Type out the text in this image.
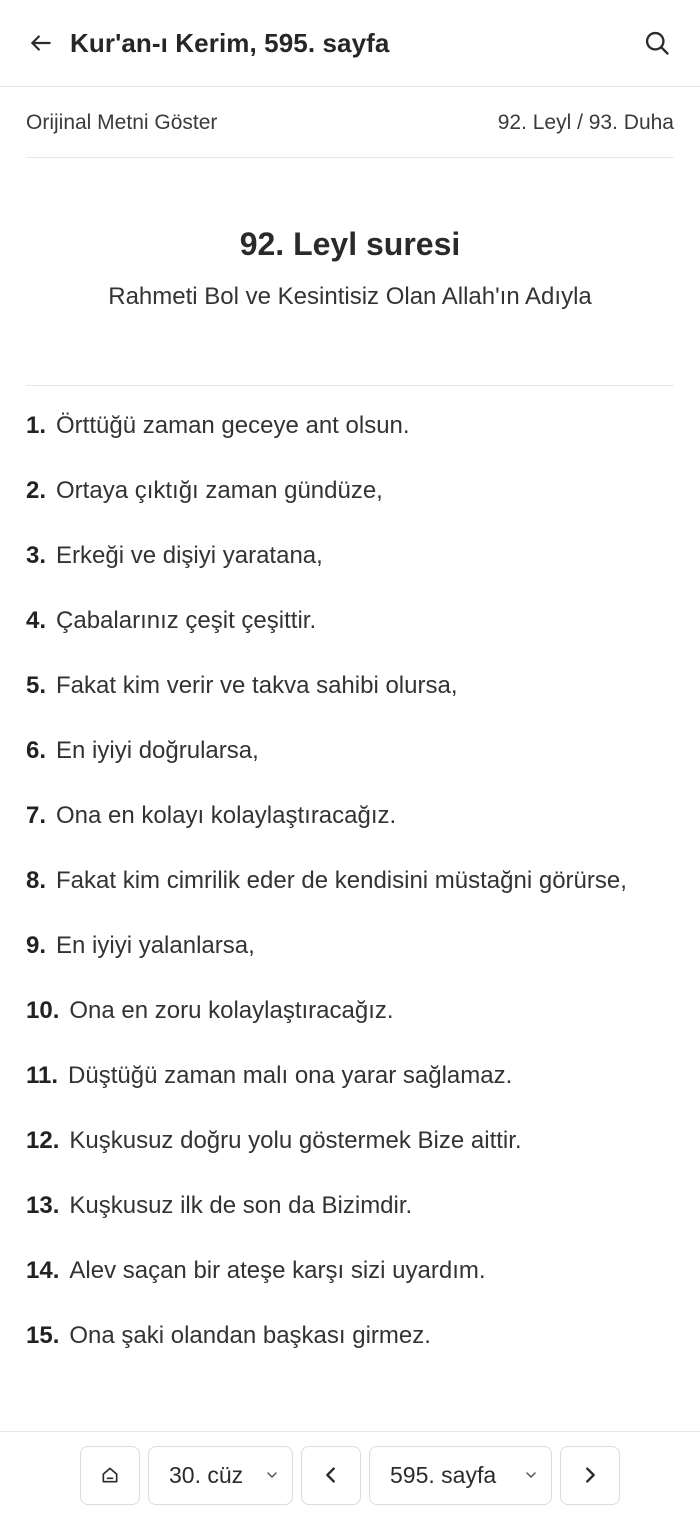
Kur'an-ı Kerim, 595. sayfa
Orijinal Metni Göster	92. Leyl / 93. Duha
92. Leyl suresi
Rahmeti Bol ve Kesintisiz Olan Allah'ın Adıyla
1. Örttüğü zaman geceye ant olsun.
2. Ortaya çıktığı zaman gündüze,
3. Erkeği ve dişiyi yaratana,
4. Çabalarınız çeşit çeşittir.
5. Fakat kim verir ve takva sahibi olursa,
6. En iyiyi doğrularsa,
7. Ona en kolayı kolaylaştıracağız.
8. Fakat kim cimrilik eder de kendisini müstağni görürse,
9. En iyiyi yalanlarsa,
10. Ona en zoru kolaylaştıracağız.
11. Düştüğü zaman malı ona yarar sağlamaz.
12. Kuşkusuz doğru yolu göstermek Bize aittir.
13. Kuşkusuz ilk de son da Bizimdir.
14. Alev saçan bir ateşe karşı sizi uyardım.
15. Ona şaki olandan başkası girmez.
30. cüz	595. sayfa
